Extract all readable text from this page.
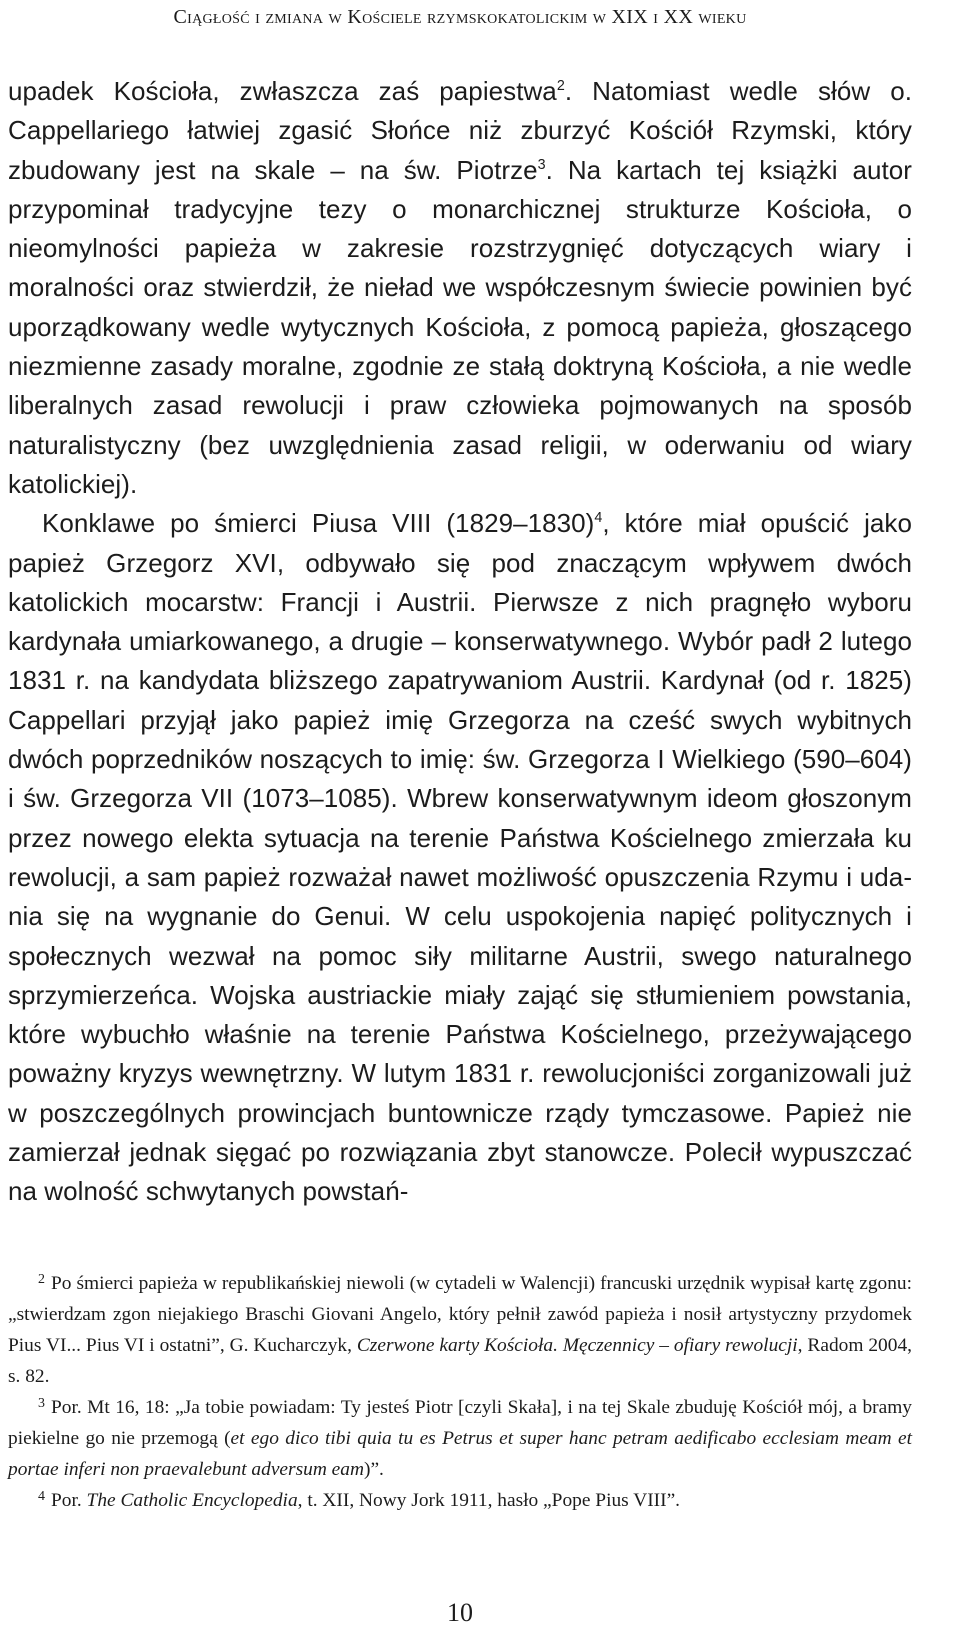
Ciągłość i zmiana w Kościele rzymskokatolickim w XIX i XX wieku

upadek Kościoła, zwłaszcza zaś papiestwa$^2$. Natomiast wedle słów o. Cappellariego łatwiej zgasić Słońce niż zburzyć Kościół Rzymski, który zbudowany jest na skale – na św. Piotrze$^3$. Na kartach tej książki autor przypominał tradycyjne tezy o monarchicznej strukturze Kościoła, o nieomylności papieża w zakresie rozstrzygnięć dotyczących wiary i moralności oraz stwierdził, że nieład we współczesnym świecie powinien być uporządkowany wedle wytycznych Kościoła, z pomocą papieża, głoszącego niezmienne zasady moralne, zgodnie ze stałą doktryną Kościoła, a nie wedle liberalnych zasad rewolucji i praw człowieka pojmowanych na sposób naturalistyczny (bez uwzględnienia zasad religii, w oderwaniu od wiary katolickiej).

Konklawe po śmierci Piusa VIII (1829–1830)$^4$, które miał opuścić jako papież Grzegorz XVI, odbywało się pod znaczącym wpływem dwóch katolickich mocarstw: Francji i Austrii. Pierwsze z nich pragnęło wyboru kardynała umiarkowanego, a drugie – konserwatywnego. Wybór padł 2 lutego 1831 r. na kandydata bliższego zapatrywaniom Austrii. Kardynał (od r. 1825) Cappellari przyjął jako papież imię Grzegorza na cześć swych wybitnych dwóch poprzedników noszących to imię: św. Grzegorza I Wielkiego (590–604) i św. Grzegorza VII (1073–1085). Wbrew konserwatywnym ideom głoszonym przez nowego elekta sytuacja na terenie Państwa Kościelnego zmierzała ku rewolucji, a sam papież rozważał nawet możliwość opuszczenia Rzymu i udania się na wygnanie do Genui. W celu uspokojenia napięć politycznych i społecznych wezwał na pomoc siły militarne Austrii, swego naturalnego sprzymierzeńca. Wojska austriackie miały zająć się stłumieniem powstania, które wybuchło właśnie na terenie Państwa Kościelnego, przeżywającego poważny kryzys wewnętrzny. W lutym 1831 r. rewolucjoniści zorganizowali już w poszczególnych prowincjach buntownicze rządy tymczasowe. Papież nie zamierzał jednak sięgać po rozwiązania zbyt stanowcze. Polecił wypuszczać na wolność schwytanych powstań-

$^2$ Po śmierci papieża w republikańskiej niewoli (w cytadeli w Walencji) francuski urzędnik wypisał kartę zgonu: „stwierdzam zgon niejakiego Braschi Giovani Angelo, który pełnił zawód papieża i nosił artystyczny przydomek Pius VI... Pius VI i ostatni”, G. Kucharczyk, Czerwone karty Kościoła. Męczennicy – ofiary rewolucji, Radom 2004, s. 82.

$^3$ Por. Mt 16, 18: „Ja tobie powiadam: Ty jesteś Piotr [czyli Skała], i na tej Skale zbuduję Kościół mój, a bramy piekielne go nie przemogą (et ego dico tibi quia tu es Petrus et super hanc petram aedificabo ecclesiam meam et portae inferi non praevalebunt adversum eam)”.

$^4$ Por. The Catholic Encyclopedia, t. XII, Nowy Jork 1911, hasło „Pope Pius VIII”.

10
